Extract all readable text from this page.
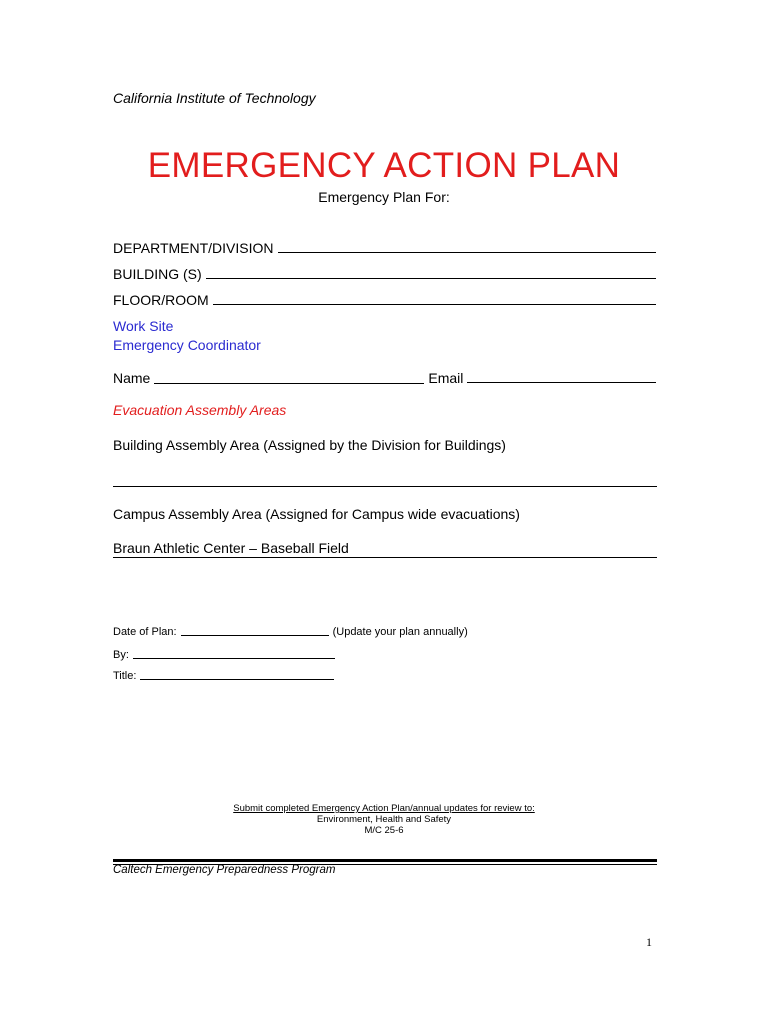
California Institute of Technology
EMERGENCY ACTION PLAN
Emergency Plan For:
DEPARTMENT/DIVISION
BUILDING (S)
FLOOR/ROOM
Work Site
Emergency Coordinator
Name	Email
Evacuation Assembly Areas
Building Assembly Area (Assigned by the Division for Buildings)
Campus Assembly Area (Assigned for Campus wide evacuations)
Braun Athletic Center – Baseball Field
Date of Plan:	(Update your plan annually)
By:
Title:
Submit completed Emergency Action Plan/annual updates for review to:
Environment, Health and Safety
M/C 25-6
Caltech Emergency Preparedness Program
1
